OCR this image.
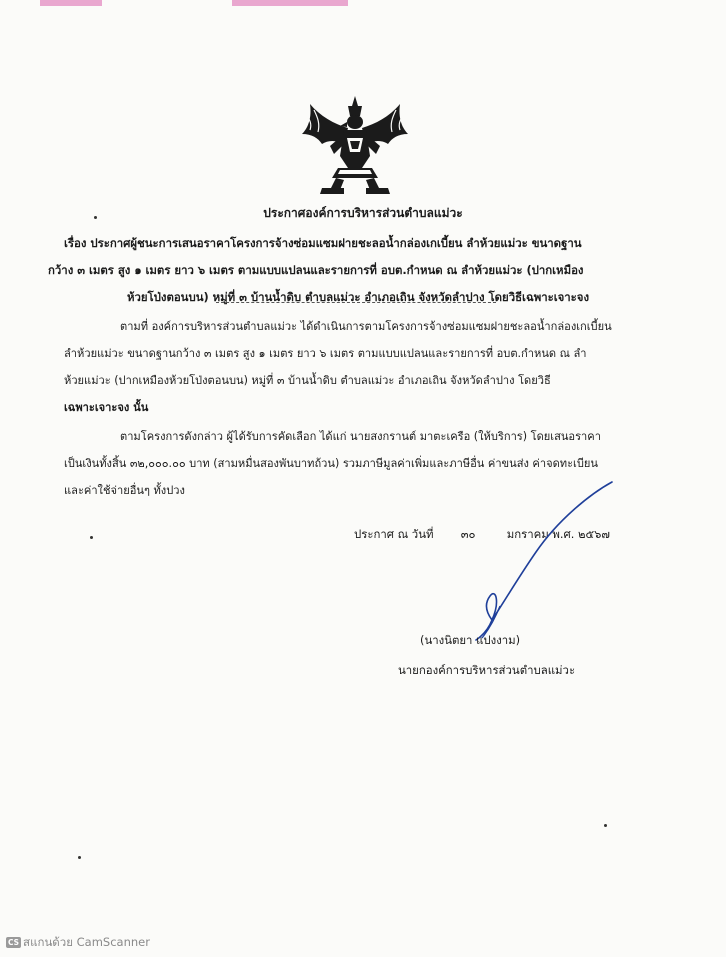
ประกาศองค์การบริหารส่วนตำบลแม่วะ
เรื่อง ประกาศผู้ชนะการเสนอราคาโครงการจ้างซ่อมแซมฝายชะลอน้ำกล่องเกเบี้ยน ลำห้วยแม่วะ ขนาดฐาน
กว้าง ๓ เมตร สูง ๑ เมตร ยาว ๖ เมตร ตามแบบแปลนและรายการที่ อบต.กำหนด ณ ลำห้วยแม่วะ (ปากเหมือง
ห้วยโป่งตอนบน) หมู่ที่ ๓ บ้านน้ำดิบ ตำบลแม่วะ อำเภอเถิน จังหวัดลำปาง โดยวิธีเฉพาะเจาะจง
ตามที่ องค์การบริหารส่วนตำบลแม่วะ ได้ดำเนินการตามโครงการจ้างซ่อมแซมฝายชะลอน้ำกล่องเกเบี้ยน
ลำห้วยแม่วะ ขนาดฐานกว้าง ๓ เมตร สูง ๑ เมตร ยาว ๖ เมตร ตามแบบแปลนและรายการที่ อบต.กำหนด ณ ลำ
ห้วยแม่วะ (ปากเหมืองห้วยโป่งตอนบน) หมู่ที่ ๓ บ้านน้ำดิบ ตำบลแม่วะ อำเภอเถิน จังหวัดลำปาง โดยวิธี
เฉพาะเจาะจง นั้น
ตามโครงการดังกล่าว ผู้ได้รับการคัดเลือก ได้แก่ นายสงกรานต์ มาตะเครือ (ให้บริการ) โดยเสนอราคา
เป็นเงินทั้งสิ้น ๓๒,๐๐๐.๐๐ บาท (สามหมื่นสองพันบาทถ้วน) รวมภาษีมูลค่าเพิ่มและภาษีอื่น ค่าขนส่ง ค่าจดทะเบียน
และค่าใช้จ่ายอื่นๆ ทั้งปวง
ประกาศ ณ วันที่ ๓๐	มกราคม พ.ศ. ๒๕๖๗
(นางนิตยา แปงงาม)
นายกองค์การบริหารส่วนตำบลแม่วะ
CS สแกนด้วย CamScanner
